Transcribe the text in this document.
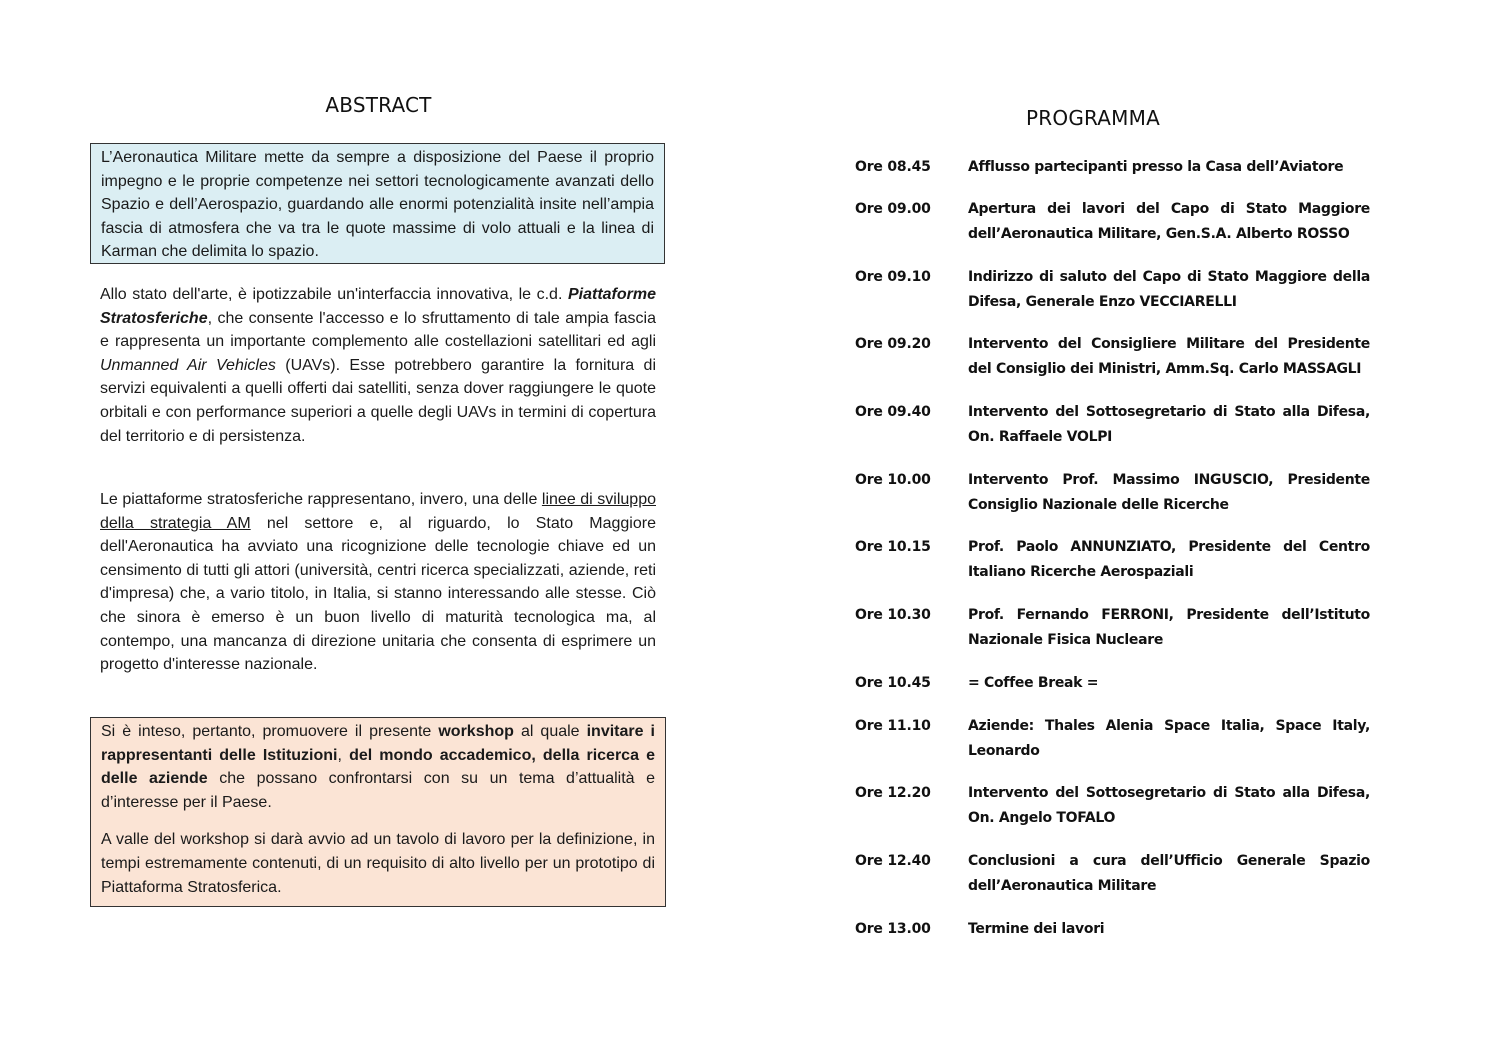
ABSTRACT

L’Aeronautica Militare mette da sempre a disposizione del Paese il proprio impegno e le proprie competenze nei settori tecnologicamente avanzati dello Spazio e dell’Aerospazio, guardando alle enormi potenzialità insite nell’ampia fascia di atmosfera che va tra le quote massime di volo attuali e la linea di Karman che delimita lo spazio.

Allo stato dell'arte, è ipotizzabile un'interfaccia innovativa, le c.d. Piattaforme Stratosferiche, che consente l'accesso e lo sfruttamento di tale ampia fascia e rappresenta un importante complemento alle costellazioni satellitari ed agli Unmanned Air Vehicles (UAVs). Esse potrebbero garantire la fornitura di servizi equivalenti a quelli offerti dai satelliti, senza dover raggiungere le quote orbitali e con performance superiori a quelle degli UAVs in termini di copertura del territorio e di persistenza.

Le piattaforme stratosferiche rappresentano, invero, una delle linee di sviluppo della strategia AM nel settore e, al riguardo, lo Stato Maggiore dell'Aeronautica ha avviato una ricognizione delle tecnologie chiave ed un censimento di tutti gli attori (università, centri ricerca specializzati, aziende, reti d'impresa) che, a vario titolo, in Italia, si stanno interessando alle stesse. Ciò che sinora è emerso è un buon livello di maturità tecnologica ma, al contempo, una mancanza di direzione unitaria che consenta di esprimere un progetto d'interesse nazionale.

Si è inteso, pertanto, promuovere il presente workshop al quale invitare i rappresentanti delle Istituzioni, del mondo accademico, della ricerca e delle aziende che possano confrontarsi con su un tema d’attualità e d’interesse per il Paese.

A valle del workshop si darà avvio ad un tavolo di lavoro per la definizione, in tempi estremamente contenuti, di un requisito di alto livello per un prototipo di Piattaforma Stratosferica.

PROGRAMMA
Ore 08.45	Afflusso partecipanti presso la Casa dell’Aviatore
Ore 09.00	Apertura dei lavori del Capo di Stato Maggiore dell’Aeronautica Militare, Gen.S.A. Alberto ROSSO
Ore 09.10	Indirizzo di saluto del Capo di Stato Maggiore della Difesa, Generale Enzo VECCIARELLI
Ore 09.20	Intervento del Consigliere Militare del Presidente del Consiglio dei Ministri, Amm.Sq. Carlo MASSAGLI
Ore 09.40	Intervento del Sottosegretario di Stato alla Difesa, On. Raffaele VOLPI
Ore 10.00	Intervento Prof. Massimo INGUSCIO, Presidente Consiglio Nazionale delle Ricerche
Ore 10.15	Prof. Paolo ANNUNZIATO, Presidente del Centro Italiano Ricerche Aerospaziali
Ore 10.30	Prof. Fernando FERRONI, Presidente dell’Istituto Nazionale Fisica Nucleare
Ore 10.45	= Coffee Break =
Ore 11.10	Aziende: Thales Alenia Space Italia, Space Italy, Leonardo
Ore 12.20	Intervento del Sottosegretario di Stato alla Difesa, On. Angelo TOFALO
Ore 12.40	Conclusioni a cura dell’Ufficio Generale Spazio dell’Aeronautica Militare
Ore 13.00	Termine dei lavori
